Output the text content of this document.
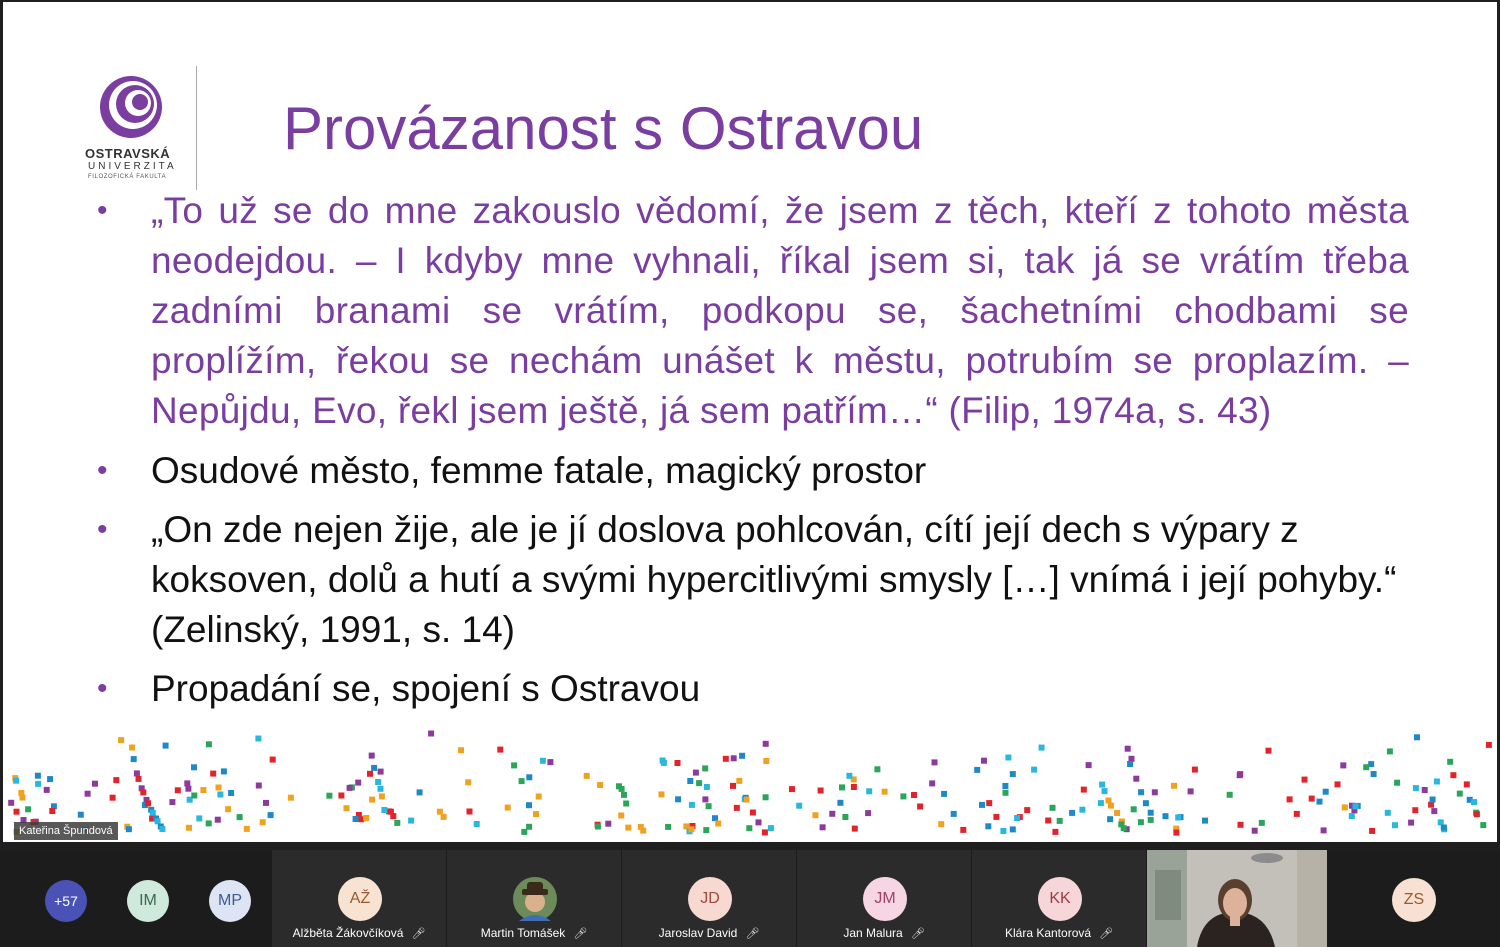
OSTRAVSKÁ
UNIVERZITA
FILOZOFICKÁ FAKULTA
Provázanost s Ostravou
• „To už se do mne zakouslo vědomí, že jsem z těch, kteří z tohoto města neodejdou. – I kdyby mne vyhnali, říkal jsem si, tak já se vrátím třeba zadními branami se vrátím, podkopu se, šachetními chodbami se proplížím, řekou se nechám unášet k městu, potrubím se proplazím. – Nepůjdu, Evo, řekl jsem ještě, já sem patřím…“ (Filip, 1974a, s. 43)
• Osudové město, femme fatale, magický prostor
• „On zde nejen žije, ale je jí doslova pohlcován, cítí její dech s výpary z koksoven, dolů a hutí a svými hypercitlivými smysly […] vnímá i její pohyby.“ (Zelinský, 1991, s. 14)
• Propadání se, spojení s Ostravou
Kateřina Špundová
+57	IM	MP	AŽ
Alžběta Žákovčíková 🎤︎	Martin Tomášek 🎤︎
JD
Jaroslav David 🎤︎
JM
Jan Malura 🎤︎
KK
Klára Kantorová 🎤︎
ZS
